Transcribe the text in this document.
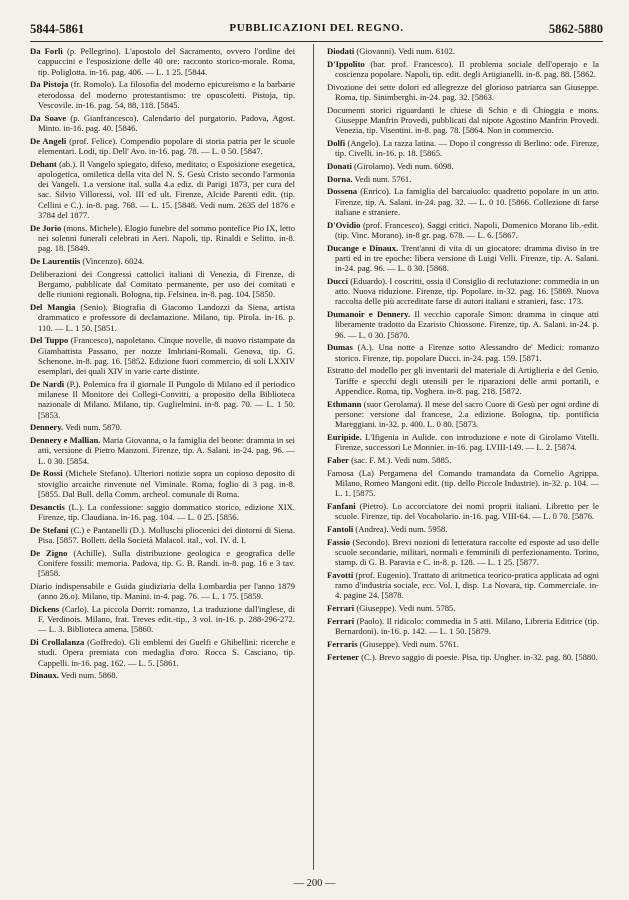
5844-5861	PUBBLICAZIONI DEL REGNO.	5862-5880

Da Forlì (p. Pellegrino). L'apostolo del Sacramento, ovvero l'ordine dei cappuccini e l'esposizione delle 40 ore: racconto storico-morale. Roma, tip. Poliglotta. in-16. pag. 406. — L. 1 25. [5844.

Da Pistoja (fr. Romolo). La filosofia del moderno epicureismo e la barbarie eterodossa del moderno protestantismo: tre opuscoletti. Pistoja, tip. Vescovile. in-16. pag. 54, 88, 118. [5845.

Da Soave (p. Gianfrancesco). Calendario del purgatorio. Padova, Agost. Minto. in-16. pag. 40. [5846.

De Angeli (prof. Felice). Compendio popolare di storia patria per le scuole elementari. Lodi, tip. Dell' Avo. in-16. pag. 78. — L. 0 50. [5847.

Dehant (ab.). Il Vangelo spiegato, difeso, meditato; o Esposizione esegetica, apologetica, omiletica della vita del N. S. Gesù Cristo secondo l'armonia dei Vangeli. 1.a versione ital. sulla 4.a ediz. di Parigi 1873, per cura del sac. Silvio Villoressi, vol. III ed ult. Firenze, Alcide Parenti edit. (tip. Cellini e C.). in-8. pag. 768. — L. 15. [5848. Vedi num. 2635 del 1876 e 3784 del 1877.

De Jorio (mons. Michele). Elogio funebre del sommo pontefice Pio IX, letto nei solenni funerali celebrati in Aeri. Napoli, tip. Rinaldi e Selitto. in-8. pag. 18. [5849.

De Laurentiis (Vincenzo). 6024.

Deliberazioni dei Congressi cattolici italiani di Venezia, di Firenze, di Bergamo, pubblicate dal Comitato permanente, per uso dei comitati e delle riunioni regionali. Bologna, tip. Felsinea. in-8. pag. 104. [5850.

Del Mangia (Senio). Biografia di Giacomo Landozzi da Siena, artista drammatico e professore di declamazione. Milano, tip. Pirola. in-16. p. 110. — L. 1 50. [5851.

Del Tuppo (Francesco), napoletano. Cinque novelle, di nuovo ristampate da Giambattista Passano, per nozze Imbriani-Romali. Genova, tip. G. Schenone. in-8. pag. 16. [5852. Edizione fuori commercio, di soli LXXIV esemplari, dei quali XIV in varie carte distinte.

De Nardi (P.). Polemica fra il giornale Il Pungolo di Milano ed il periodico milanese Il Monitore dei Collegi-Convitti, a proposito della Biblioteca nazionale di Milano. Milano, tip. Guglielmini. in-8. pag. 70. — L. 1 50. [5853.

Dennery. Vedi num. 5870.

Dennery e Mallian. Maria Giovanna, o la famiglia del beone: dramma in sei atti, versione di Pietro Manzoni. Firenze, tip. A. Salani. in-24. pag. 96. — L. 0 30. [5854.

De Rossi (Michele Stefano). Ulteriori notizie sopra un copioso deposito di stoviglio arcaiche rinvenute nel Viminale. Roma, foglio di 3 pag. in-8. [5855. Dal Bull. della Comm. archeol. comunale di Roma.

Desanctis (L.). La confessione: saggio dommatico storico, edizione XIX. Firenze, tip. Claudiana. in-16. pag. 104. — L. 0 25. [5856.

De Stefani (C.) e Pantanelli (D.). Molluschi pliocenici dei dintorni di Siena. Pisa. [5857. Bollett. della Società Malacol. ital., vol. IV. d. I.

De Zigno (Achille). Sulla distribuzione geologica e geografica delle Conifere fossili: memoria. Padova, tip. G. B. Randi. in-8. pag. 16 e 3 tav. [5858.

Diario indispensabile e Guida giudiziaria della Lombardia per l'anno 1879 (anno 26.o). Milano, tip. Manini. in-4. pag. 76. — L. 1 75. [5859.

Dickens (Carlo). La piccola Dorrit: romanzo, 1.a traduzione dall'inglese, di F. Verdinois. Milano, frat. Treves edit.-tip., 3 vol. in-16. p. 288-296-272. — L. 3. Biblioteca amena. [5860.

Di Crollalanza (Goffredo). Gli emblemi dei Guelfi e Ghibellini: ricerche e studi. Opera premiata con medaglia d'oro. Rocca S. Casciano, tip. Cappelli. in-16. pag. 162. — L. 5. [5861.

Dinaux. Vedi num. 5868.

Diodati (Giovanni). Vedi num. 6102.

D'Ippolito (bar. prof. Francesco). Il problema sociale dell'operajo e la coscienza popolare. Napoli, tip. edit. degli Artigianelli. in-8. pag. 88. [5862.

Divozione dei sette dolori ed allegrezze del glorioso patriarca san Giuseppe. Roma, tip. Sinimberghi. in-24. pag. 32. [5863.

Documenti storici riguardanti le chiese di Schio e di Chioggia e mons. Giuseppe Manfrin Provedi, pubblicati dal nipote Agostino Manfrin Provedi. Venezia, tip. Visentini. in-8. pag. 78. [5864. Non in commercio.

Dolfi (Angelo). La razza latina. — Dopo il congresso di Berlino: ode. Firenze, tip. Civelli. in-16. p. 18. [5865.

Donati (Girolamo). Vedi num. 6098.

Dorna. Vedi num. 5761.

Dossena (Enrico). La famiglia del barcaiuolo: quadretto popolare in un atto. Firenze, tip. A. Salani. in-24. pag. 32. — L. 0 10. [5866. Collezione di farse italiane e straniere.

D'Ovidio (prof. Francesco). Saggi critici. Napoli, Domenico Morano lib.-edit. (tip. Vinc. Morano). in-8 gr. pag. 678. — L. 6. [5867.

Ducange e Dinaux. Trent'anni di vita di un giocatore: dramma diviso in tre parti ed in tre epoche: libera versione di Luigi Velli. Firenze, tip. A. Salani. in-24. pag. 96. — L. 0 30. [5868.

Ducci (Eduardo). I coscritti, ossia il Consiglio di reclutazione: commedia in un atto. Nuova riduzione. Firenze, tip. Popolare. in-32. pag. 16. [5869. Nuova raccolta delle più accreditate farse di autori italiani e stranieri, fasc. 173.

Dumanoir e Dennery. Il vecchio caporale Simon: dramma in cinque atti liberamente tradotto da Ezaristo Chiossone. Firenze, tip. A. Salani. in-24. p. 96. — L. 0 30. [5870.

Dumas (A.). Una notte a Firenze sotto Alessandro de' Medici: romanzo storico. Firenze, tip. popolare Ducci. in-24. pag. 159. [5871.

Estratto del modello per gli inventarii del materiale di Artiglieria e del Genio. Tariffe e specchi degli utensili per le riparazioni delle armi portatili, e Appendice. Roma, tip. Voghera. in-8. pag. 218. [5872.

Ethmann (suor Gerolama). Il mese del sacro Cuore di Gesù per ogni ordine di persone: versione dal francese, 2.a edizione. Bologna, tip. pontificia Mareggiani. in-32. p. 400. L. 0 80. [5873.

Euripide. L'Ifigenia in Aulide. con introduzione e note di Girolamo Vitelli. Firenze, successori Le Monnier. in-16. pag. LVIII-149. — L. 2. [5874.

Faber (sac. F. M.). Vedi num. 5885.

Famosa (La) Pergamena del Comando tramandata da Cornelio Agrippa. Milano, Romeo Mangoni edit. (tip. dello Piccole Industrie). in-32. p. 104. — L. 1. [5875.

Fanfani (Pietro). Lo accorciatore dei nomi proprii italiani. Libretto per le scuole. Firenze, tip. del Vocabolario. in-16. pag. VIII-64. — L. 0 70. [5876.

Fantoli (Andrea). Vedi num. 5958.

Fassio (Secondo). Brevi nozioni di letteratura raccolte ed esposte ad uso delle scuole secondarie, militari, normali e femminili di perfezionamento. Torino, stamp. di G. B. Paravia e C. in-8. p. 128. — L. 1 25. [5877.

Favotti (prof. Eugenio). Trattato di aritmetica teorico-pratica applicata ad ogni ramo d'industria sociale, ecc. Vol. I, disp. 1.a Novara, tip. Commerciale. in-4. pagine 24. [5878.

Ferrari (Giuseppe). Vedi num. 5785.

Ferrari (Paolo). Il ridicolo: commedia in 5 atti. Milano, Libreria Editrice (tip. Bernardoni). in-16. p. 142. — L. 1 50. [5879.

Ferraris (Giuseppe). Vedi num. 5761.

Fertener (C.). Brevo saggio di poesie. Pisa, tip. Ungher. in-32. pag. 80. [5880.

— 200 —
